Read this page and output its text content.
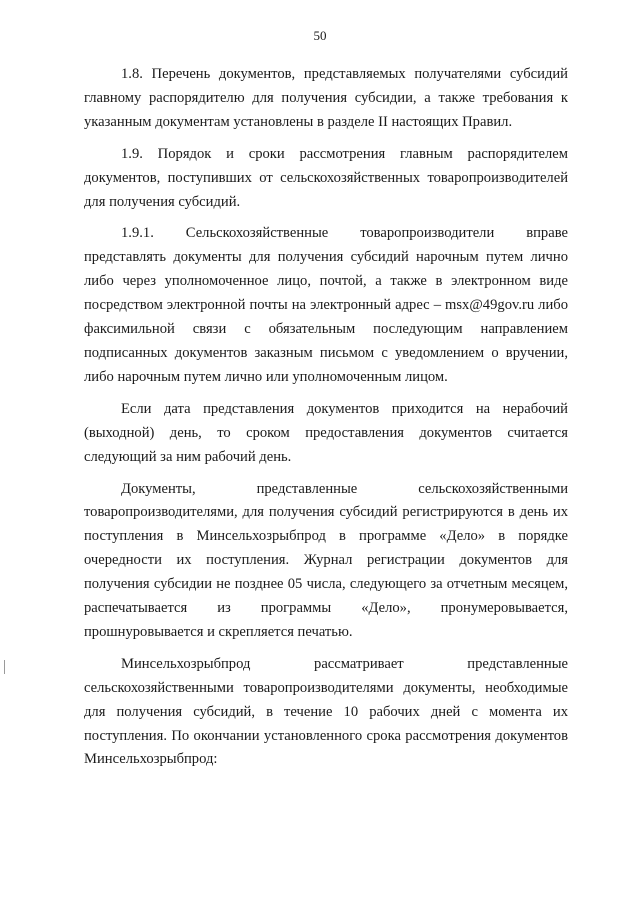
50

1.8. Перечень документов, представляемых получателями субсидий главному распорядителю для получения субсидии, а также требования к указанным документам установлены в разделе II настоящих Правил.

1.9. Порядок и сроки рассмотрения главным распорядителем документов, поступивших от сельскохозяйственных товаропроизводителей для получения субсидий.

1.9.1. Сельскохозяйственные товаропроизводители вправе представлять документы для получения субсидий нарочным путем лично либо через уполномоченное лицо, почтой, а также в электронном виде посредством электронной почты на электронный адрес – msx@49gov.ru либо факсимильной связи с обязательным последующим направлением подписанных документов заказным письмом с уведомлением о вручении, либо нарочным путем лично или уполномоченным лицом.

Если дата представления документов приходится на нерабочий (выходной) день, то сроком предоставления документов считается следующий за ним рабочий день.

Документы, представленные сельскохозяйственными товаропроизводителями, для получения субсидий регистрируются в день их поступления в Минсельхозрыбпрод в программе «Дело» в порядке очередности их поступления. Журнал регистрации документов для получения субсидии не позднее 05 числа, следующего за отчетным месяцем, распечатывается из программы «Дело», пронумеровывается, прошнуровывается и скрепляется печатью.

Минсельхозрыбпрод рассматривает представленные сельскохозяйственными товаропроизводителями документы, необходимые для получения субсидий, в течение 10 рабочих дней с момента их поступления. По окончании установленного срока рассмотрения документов Минсельхозрыбпрод:
